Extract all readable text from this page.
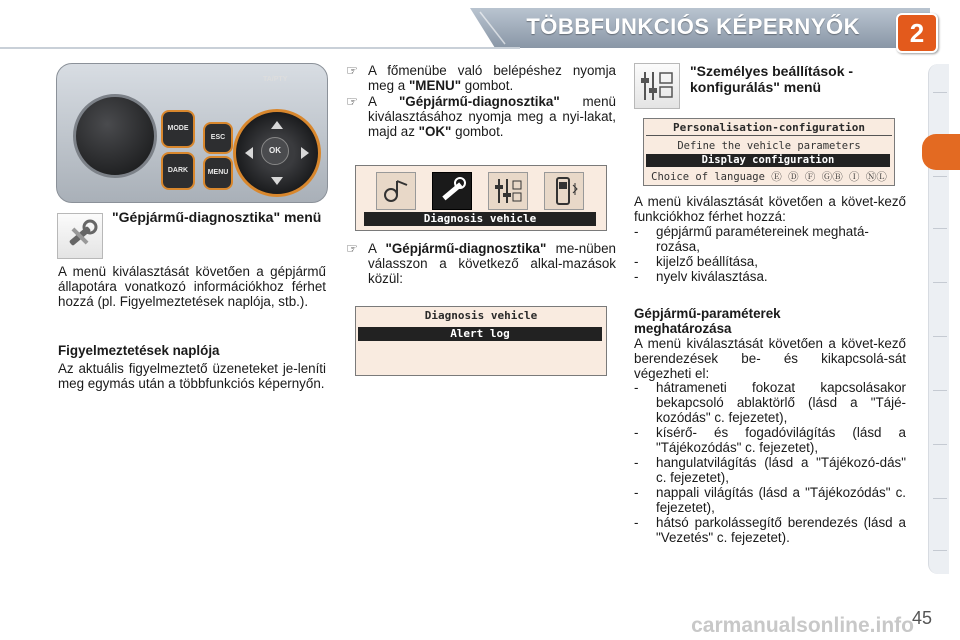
TÖBBFUNKCIÓS KÉPERNYŐK	2
MODE
DARK
ESC
MENU
OK
TA/PTY
"Gépjármű-diagnosztika" menü
A menü kiválasztását követően a gépjármű állapotára vonatkozó információkhoz férhet hozzá (pl. Figyelmeztetések naplója, stb.).
Figyelmeztetések naplója
Az aktuális figyelmeztető üzeneteket je-leníti meg egymás után a többfunkciós képernyőn.
☞ A főmenübe való belépéshez nyomja meg a "MENU" gombot.
☞ A "Gépjármű-diagnosztika" menü kiválasztásához nyomja meg a nyi-lakat, majd az "OK" gombot.
Diagnosis vehicle
☞ A "Gépjármű-diagnosztika" me-nüben válasszon a következő alkal-mazások közül:
Diagnosis vehicle
Alert log
"Személyes beállítások - konfigurálás" menü
Personalisation-configuration
Define the vehicle parameters
Display configuration
Choice of language Ⓔ Ⓓ Ⓕ ⒼⒷ Ⓘ ⓃⓁ
A menü kiválasztását követően a követ-kező funkciókhoz férhet hozzá:
- gépjármű paramétereinek meghatá-rozása,
- kijelző beállítása,
- nyelv kiválasztása.
Gépjármű-paraméterek meghatározása
A menü kiválasztását követően a követ-kező berendezések be- és kikapcsolá-sát végezheti el:
- hátrameneti fokozat kapcsolásakor bekapcsoló ablaktörlő (lásd a "Tájé-kozódás" c. fejezetet),
- kísérő- és fogadóvilágítás (lásd a "Tájékozódás" c. fejezetet),
- hangulatvilágítás (lásd a "Tájékozó-dás" c. fejezetet),
- nappali világítás (lásd a "Tájékozódás" c. fejezetet),
- hátsó parkolássegítő berendezés (lásd a "Vezetés" c. fejezetet).
carmanualsonline.info
45
